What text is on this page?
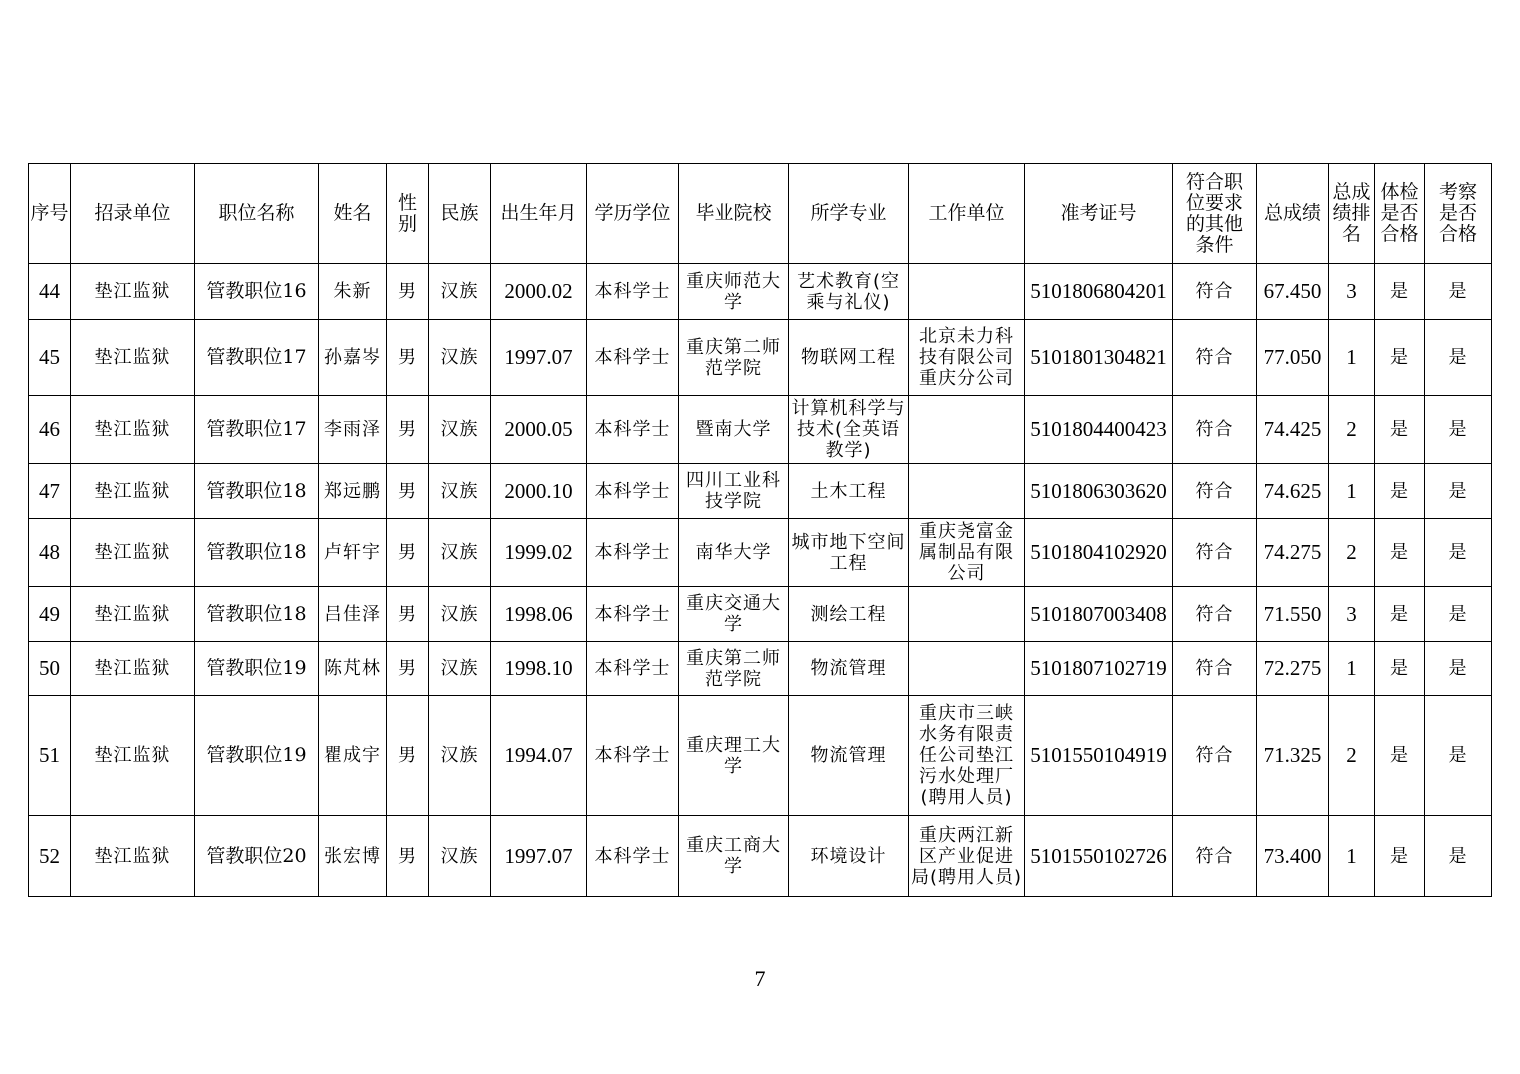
序号	招录单位	职位名称	姓名	性别	民族	出生年月	学历学位	毕业院校	所学专业	工作单位	准考证号	符合职位要求的其他条件	总成绩	总成绩排名	体检是否合格	考察是否合格
44	垫江监狱	管教职位16	朱新	男	汉族	2000.02	本科学士	重庆师范大学	艺术教育(空乘与礼仪)		5101806804201	符合	67.450	3	是	是
45	垫江监狱	管教职位17	孙嘉岑	男	汉族	1997.07	本科学士	重庆第二师范学院	物联网工程	北京未力科技有限公司重庆分公司	5101801304821	符合	77.050	1	是	是
46	垫江监狱	管教职位17	李雨泽	男	汉族	2000.05	本科学士	暨南大学	计算机科学与技术(全英语教学)		5101804400423	符合	74.425	2	是	是
47	垫江监狱	管教职位18	郑远鹏	男	汉族	2000.10	本科学士	四川工业科技学院	土木工程		5101806303620	符合	74.625	1	是	是
48	垫江监狱	管教职位18	卢轩宇	男	汉族	1999.02	本科学士	南华大学	城市地下空间工程	重庆尧富金属制品有限公司	5101804102920	符合	74.275	2	是	是
49	垫江监狱	管教职位18	吕佳泽	男	汉族	1998.06	本科学士	重庆交通大学	测绘工程		5101807003408	符合	71.550	3	是	是
50	垫江监狱	管教职位19	陈芃林	男	汉族	1998.10	本科学士	重庆第二师范学院	物流管理		5101807102719	符合	72.275	1	是	是
51	垫江监狱	管教职位19	瞿成宇	男	汉族	1994.07	本科学士	重庆理工大学	物流管理	重庆市三峡水务有限责任公司垫江污水处理厂(聘用人员)	5101550104919	符合	71.325	2	是	是
52	垫江监狱	管教职位20	张宏博	男	汉族	1997.07	本科学士	重庆工商大学	环境设计	重庆两江新区产业促进局(聘用人员)	5101550102726	符合	73.400	1	是	是
7
